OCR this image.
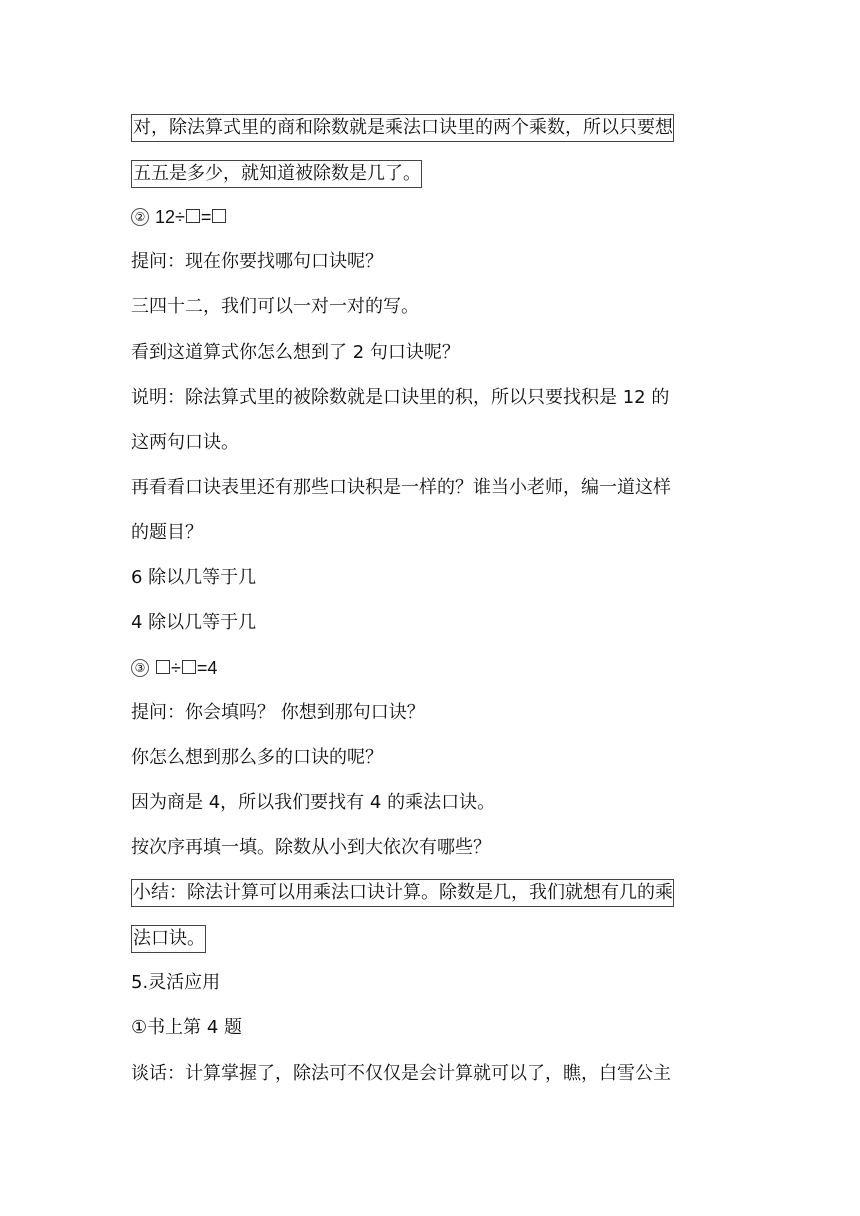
对，除法算式里的商和除数就是乘法口诀里的两个乘数，所以只要想
五五是多少，就知道被除数是几了。
② 12÷ =
提问：现在你要找哪句口诀呢？
三四十二，我们可以一对一对的写。
看到这道算式你怎么想到了 2 句口诀呢？
说明：除法算式里的被除数就是口诀里的积，所以只要找积是 12 的
这两句口诀。
再看看口诀表里还有那些口诀积是一样的？谁当小老师，编一道这样
的题目？
6 除以几等于几
4 除以几等于几
③ ÷ =4
提问：你会填吗？ 你想到那句口诀？
你怎么想到那么多的口诀的呢？
因为商是 4，所以我们要找有 4 的乘法口诀。
按次序再填一填。除数从小到大依次有哪些？
小结：除法计算可以用乘法口诀计算。除数是几，我们就想有几的乘
法口诀。
5.灵活应用
①书上第 4 题
谈话：计算掌握了，除法可不仅仅是会计算就可以了，瞧，白雪公主
